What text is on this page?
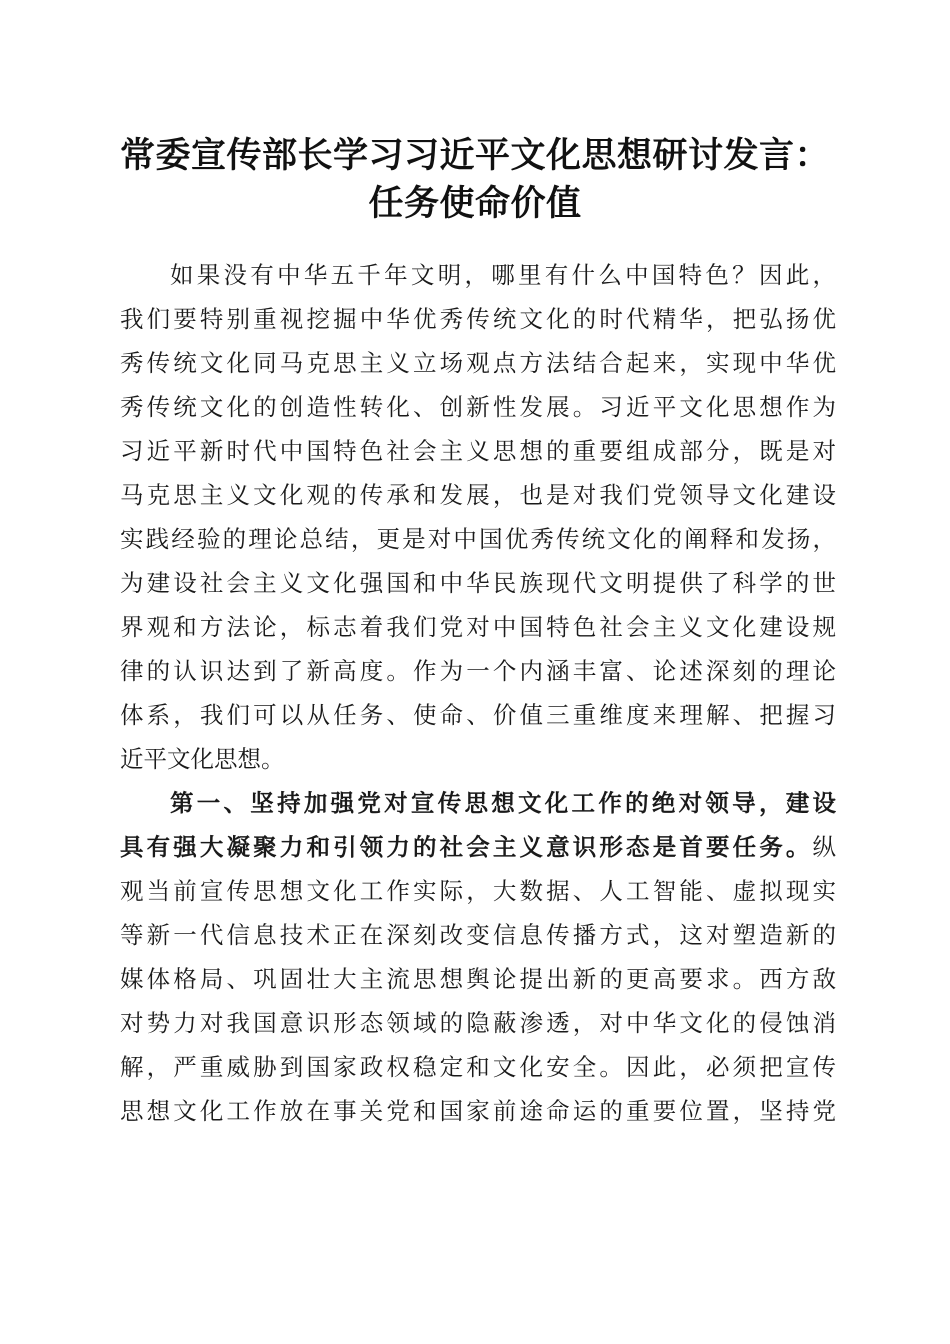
常委宣传部长学习习近平文化思想研讨发言：
任务使命价值
如果没有中华五千年文明，哪里有什么中国特色？因此，
我们要特别重视挖掘中华优秀传统文化的时代精华，把弘扬优
秀传统文化同马克思主义立场观点方法结合起来，实现中华优
秀传统文化的创造性转化、创新性发展。习近平文化思想作为
习近平新时代中国特色社会主义思想的重要组成部分，既是对
马克思主义文化观的传承和发展，也是对我们党领导文化建设
实践经验的理论总结，更是对中国优秀传统文化的阐释和发扬，
为建设社会主义文化强国和中华民族现代文明提供了科学的世
界观和方法论，标志着我们党对中国特色社会主义文化建设规
律的认识达到了新高度。作为一个内涵丰富、论述深刻的理论
体系，我们可以从任务、使命、价值三重维度来理解、把握习
近平文化思想。
第一、坚持加强党对宣传思想文化工作的绝对领导，建设
具有强大凝聚力和引领力的社会主义意识形态是首要任务。纵
观当前宣传思想文化工作实际，大数据、人工智能、虚拟现实
等新一代信息技术正在深刻改变信息传播方式，这对塑造新的
媒体格局、巩固壮大主流思想舆论提出新的更高要求。西方敌
对势力对我国意识形态领域的隐蔽渗透，对中华文化的侵蚀消
解，严重威胁到国家政权稳定和文化安全。因此，必须把宣传
思想文化工作放在事关党和国家前途命运的重要位置，坚持党
